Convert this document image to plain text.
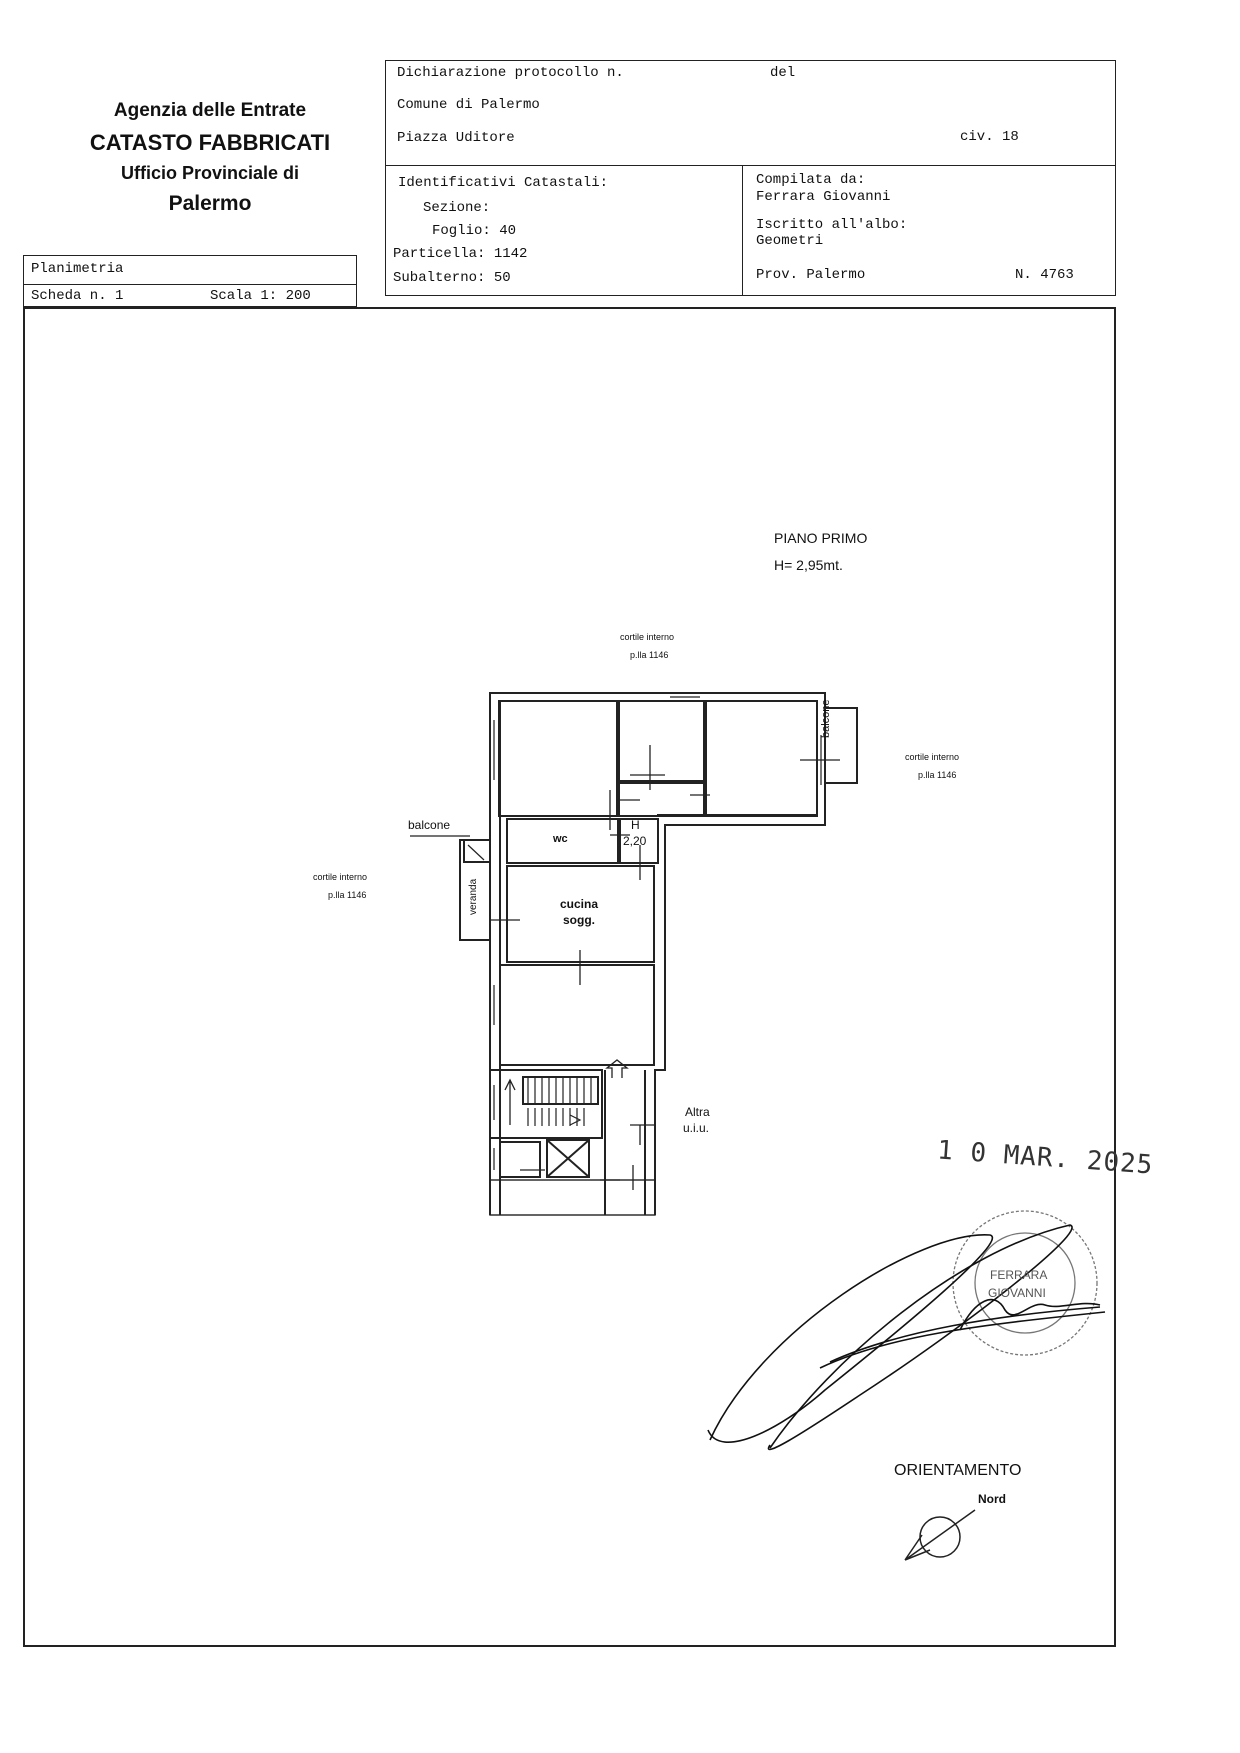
Agenzia delle Entrate
CATASTO FABBRICATI
Ufficio Provinciale di
Palermo
Dichiarazione protocollo n.	del
Comune di Palermo
Piazza Uditore	civ. 18
Identificativi Catastali:
Sezione:
Foglio: 40
Particella: 1142
Subalterno: 50
Compilata da:
Ferrara Giovanni
Iscritto all'albo:
Geometri
Prov. Palermo	N. 4763
Planimetria
Scheda n. 1	Scala 1: 200
PIANO PRIMO
H= 2,95mt.
cortile interno
p.lla 1146
cortile interno
p.lla 1146
cortile interno
p.lla 1146
balcone
balcone
veranda
wc
H
2,20
cucina
sogg.
Altra
u.i.u.
1 0 MAR. 2025
FERRARA
GIOVANNI
ORIENTAMENTO
Nord
